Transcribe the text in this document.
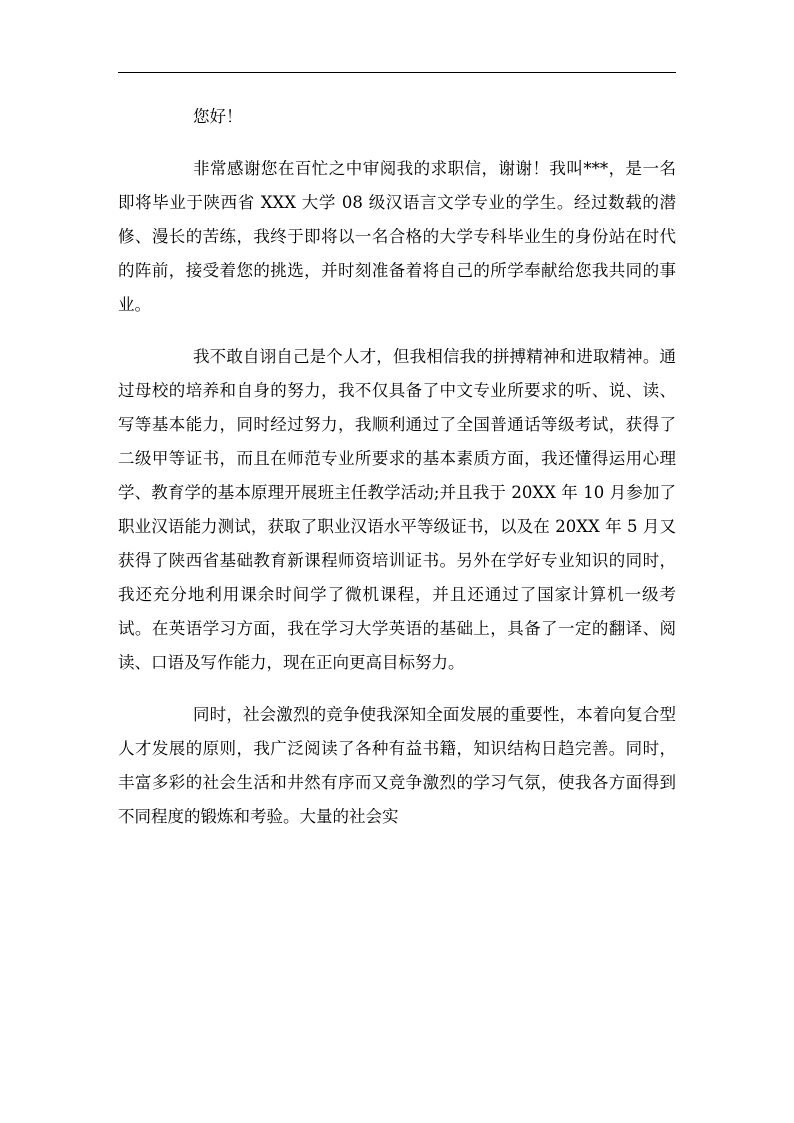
您好！

非常感谢您在百忙之中审阅我的求职信，谢谢！我叫***，是一名即将毕业于陕西省 XXX 大学 08 级汉语言文学专业的学生。经过数载的潜修、漫长的苦练，我终于即将以一名合格的大学专科毕业生的身份站在时代的阵前，接受着您的挑选，并时刻准备着将自己的所学奉献给您我共同的事业。

我不敢自诩自己是个人才，但我相信我的拼搏精神和进取精神。通过母校的培养和自身的努力，我不仅具备了中文专业所要求的听、说、读、写等基本能力，同时经过努力，我顺利通过了全国普通话等级考试，获得了二级甲等证书，而且在师范专业所要求的基本素质方面，我还懂得运用心理学、教育学的基本原理开展班主任教学活动;并且我于 20XX 年 10 月参加了职业汉语能力测试，获取了职业汉语水平等级证书，以及在 20XX 年 5 月又获得了陕西省基础教育新课程师资培训证书。另外在学好专业知识的同时，我还充分地利用课余时间学了微机课程，并且还通过了国家计算机一级考试。在英语学习方面，我在学习大学英语的基础上，具备了一定的翻译、阅读、口语及写作能力，现在正向更高目标努力。

同时，社会激烈的竞争使我深知全面发展的重要性，本着向复合型人才发展的原则，我广泛阅读了各种有益书籍，知识结构日趋完善。同时，丰富多彩的社会生活和井然有序而又竞争激烈的学习气氛，使我各方面得到不同程度的锻炼和考验。大量的社会实
